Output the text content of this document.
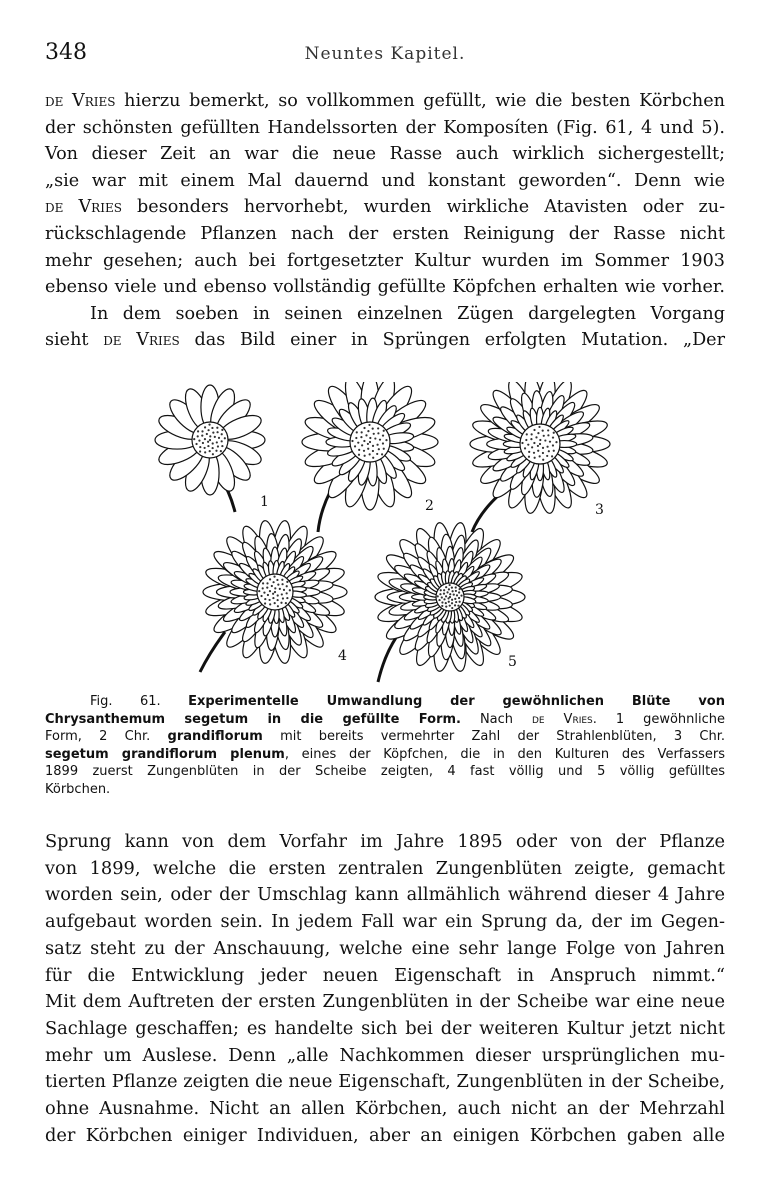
348	Neuntes Kapitel.
de Vries hierzu bemerkt, so vollkommen gefüllt, wie die besten Körbchen
der schönsten gefüllten Handelssorten der Komposíten (Fig. 61, 4 und 5).
Von dieser Zeit an war die neue Rasse auch wirklich sichergestellt;
„sie war mit einem Mal dauernd und konstant geworden“. Denn wie
de Vries besonders hervorhebt, wurden wirkliche Atavisten oder zu-
rückschlagende Pflanzen nach der ersten Reinigung der Rasse nicht
mehr gesehen; auch bei fortgesetzter Kultur wurden im Sommer 1903
ebenso viele und ebenso vollständig gefüllte Köpfchen erhalten wie vorher.
In dem soeben in seinen einzelnen Zügen dargelegten Vorgang
sieht de Vries das Bild einer in Sprüngen erfolgten Mutation. „Der
1	2	3
4	5
Fig. 61. Experimentelle Umwandlung der gewöhnlichen Blüte von
Chrysanthemum segetum in die gefüllte Form. Nach de Vries. 1 gewöhnliche
Form, 2 Chr. grandiflorum mit bereits vermehrter Zahl der Strahlenblüten, 3 Chr.
segetum grandiflorum plenum, eines der Köpfchen, die in den Kulturen des Verfassers
1899 zuerst Zungenblüten in der Scheibe zeigten, 4 fast völlig und 5 völlig gefülltes
Körbchen.
Sprung kann von dem Vorfahr im Jahre 1895 oder von der Pflanze
von 1899, welche die ersten zentralen Zungenblüten zeigte, gemacht
worden sein, oder der Umschlag kann allmählich während dieser 4 Jahre
aufgebaut worden sein. In jedem Fall war ein Sprung da, der im Gegen-
satz steht zu der Anschauung, welche eine sehr lange Folge von Jahren
für die Entwicklung jeder neuen Eigenschaft in Anspruch nimmt.“
Mit dem Auftreten der ersten Zungenblüten in der Scheibe war eine neue
Sachlage geschaffen; es handelte sich bei der weiteren Kultur jetzt nicht
mehr um Auslese. Denn „alle Nachkommen dieser ursprünglichen mu-
tierten Pflanze zeigten die neue Eigenschaft, Zungenblüten in der Scheibe,
ohne Ausnahme. Nicht an allen Körbchen, auch nicht an der Mehrzahl
der Körbchen einiger Individuen, aber an einigen Körbchen gaben alle
